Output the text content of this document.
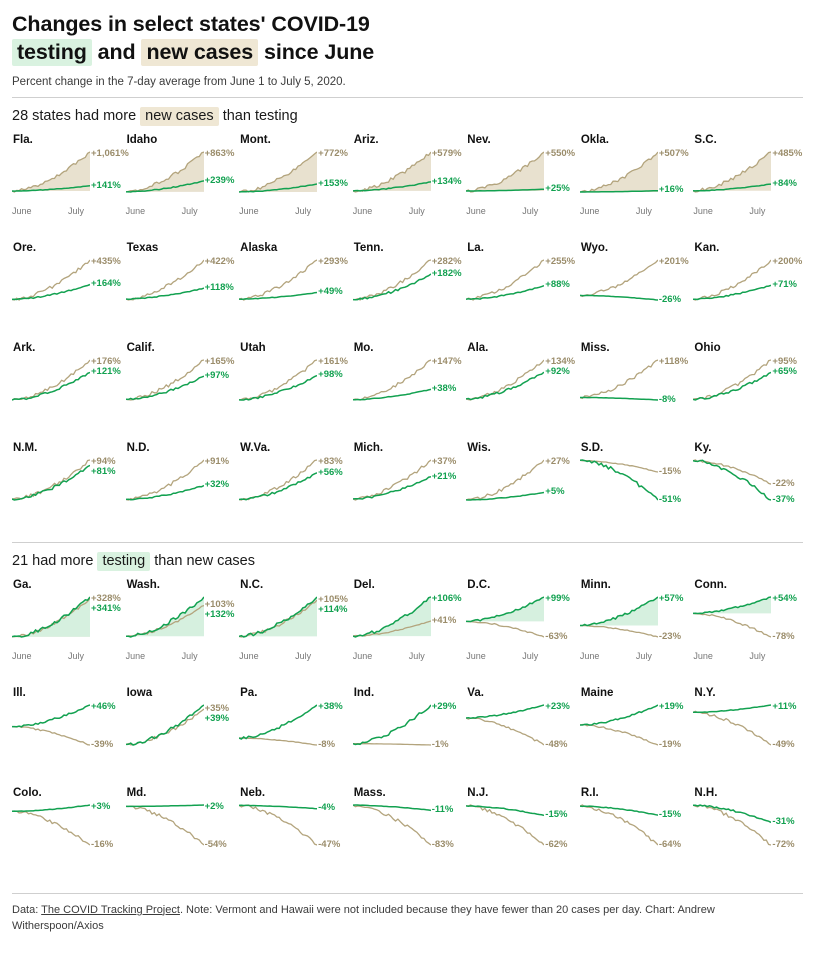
Changes in select states' COVID-19
testing and new cases since June
Percent change in the 7-day average from June 1 to July 5, 2020.
28 states had more new cases than testing
Fla.
+1,061%
+141%
June	July
Idaho
+863%
+239%
June	July
Mont.
+772%
+153%
June	July
Ariz.
+579%
+134%
June	July
Nev.
+550%
+25%
June	July
Okla.
+507%
+16%
June	July
S.C.
+485%
+84%
June	July
Ore.
+435%
+164%
Texas
+422%
+118%
Alaska
+293%
+49%
Tenn.
+282%
+182%
La.
+255%
+88%
Wyo.
+201%
-26%
Kan.
+200%
+71%
Ark.
+176%
+121%
Calif.
+165%
+97%
Utah
+161%
+98%
Mo.
+147%
+38%
Ala.
+134%
+92%
Miss.
+118%
-8%
Ohio
+95%
+65%
N.M.
+94%
+81%
N.D.
+91%
+32%
W.Va.
+83%
+56%
Mich.
+37%
+21%
Wis.
+27%
+5%
S.D.
-15%
-51%
Ky.
-22%
-37%
21 had more testing than new cases
Ga.
+328%
+341%
June	July
Wash.
+103%
+132%
June	July
N.C.
+105%
+114%
June	July
Del.
+41%
+106%
June	July
D.C.
-63%
+99%
June	July
Minn.
-23%
+57%
June	July
Conn.
-78%
+54%
June	July
Ill.
-39%
+46%
Iowa
+35%
+39%
Pa.
-8%
+38%
Ind.
-1%
+29%
Va.
-48%
+23%
Maine
-19%
+19%
N.Y.
-49%
+11%
Colo.
-16%
+3%
Md.
-54%
+2%
Neb.
-47%
-4%
Mass.
-83%
-11%
N.J.
-62%
-15%
R.I.
-64%
-15%
N.H.
-72%
-31%
Data: The COVID Tracking Project. Note: Vermont and Hawaii were not included because they have fewer than 20 cases per day. Chart: Andrew Witherspoon/Axios
